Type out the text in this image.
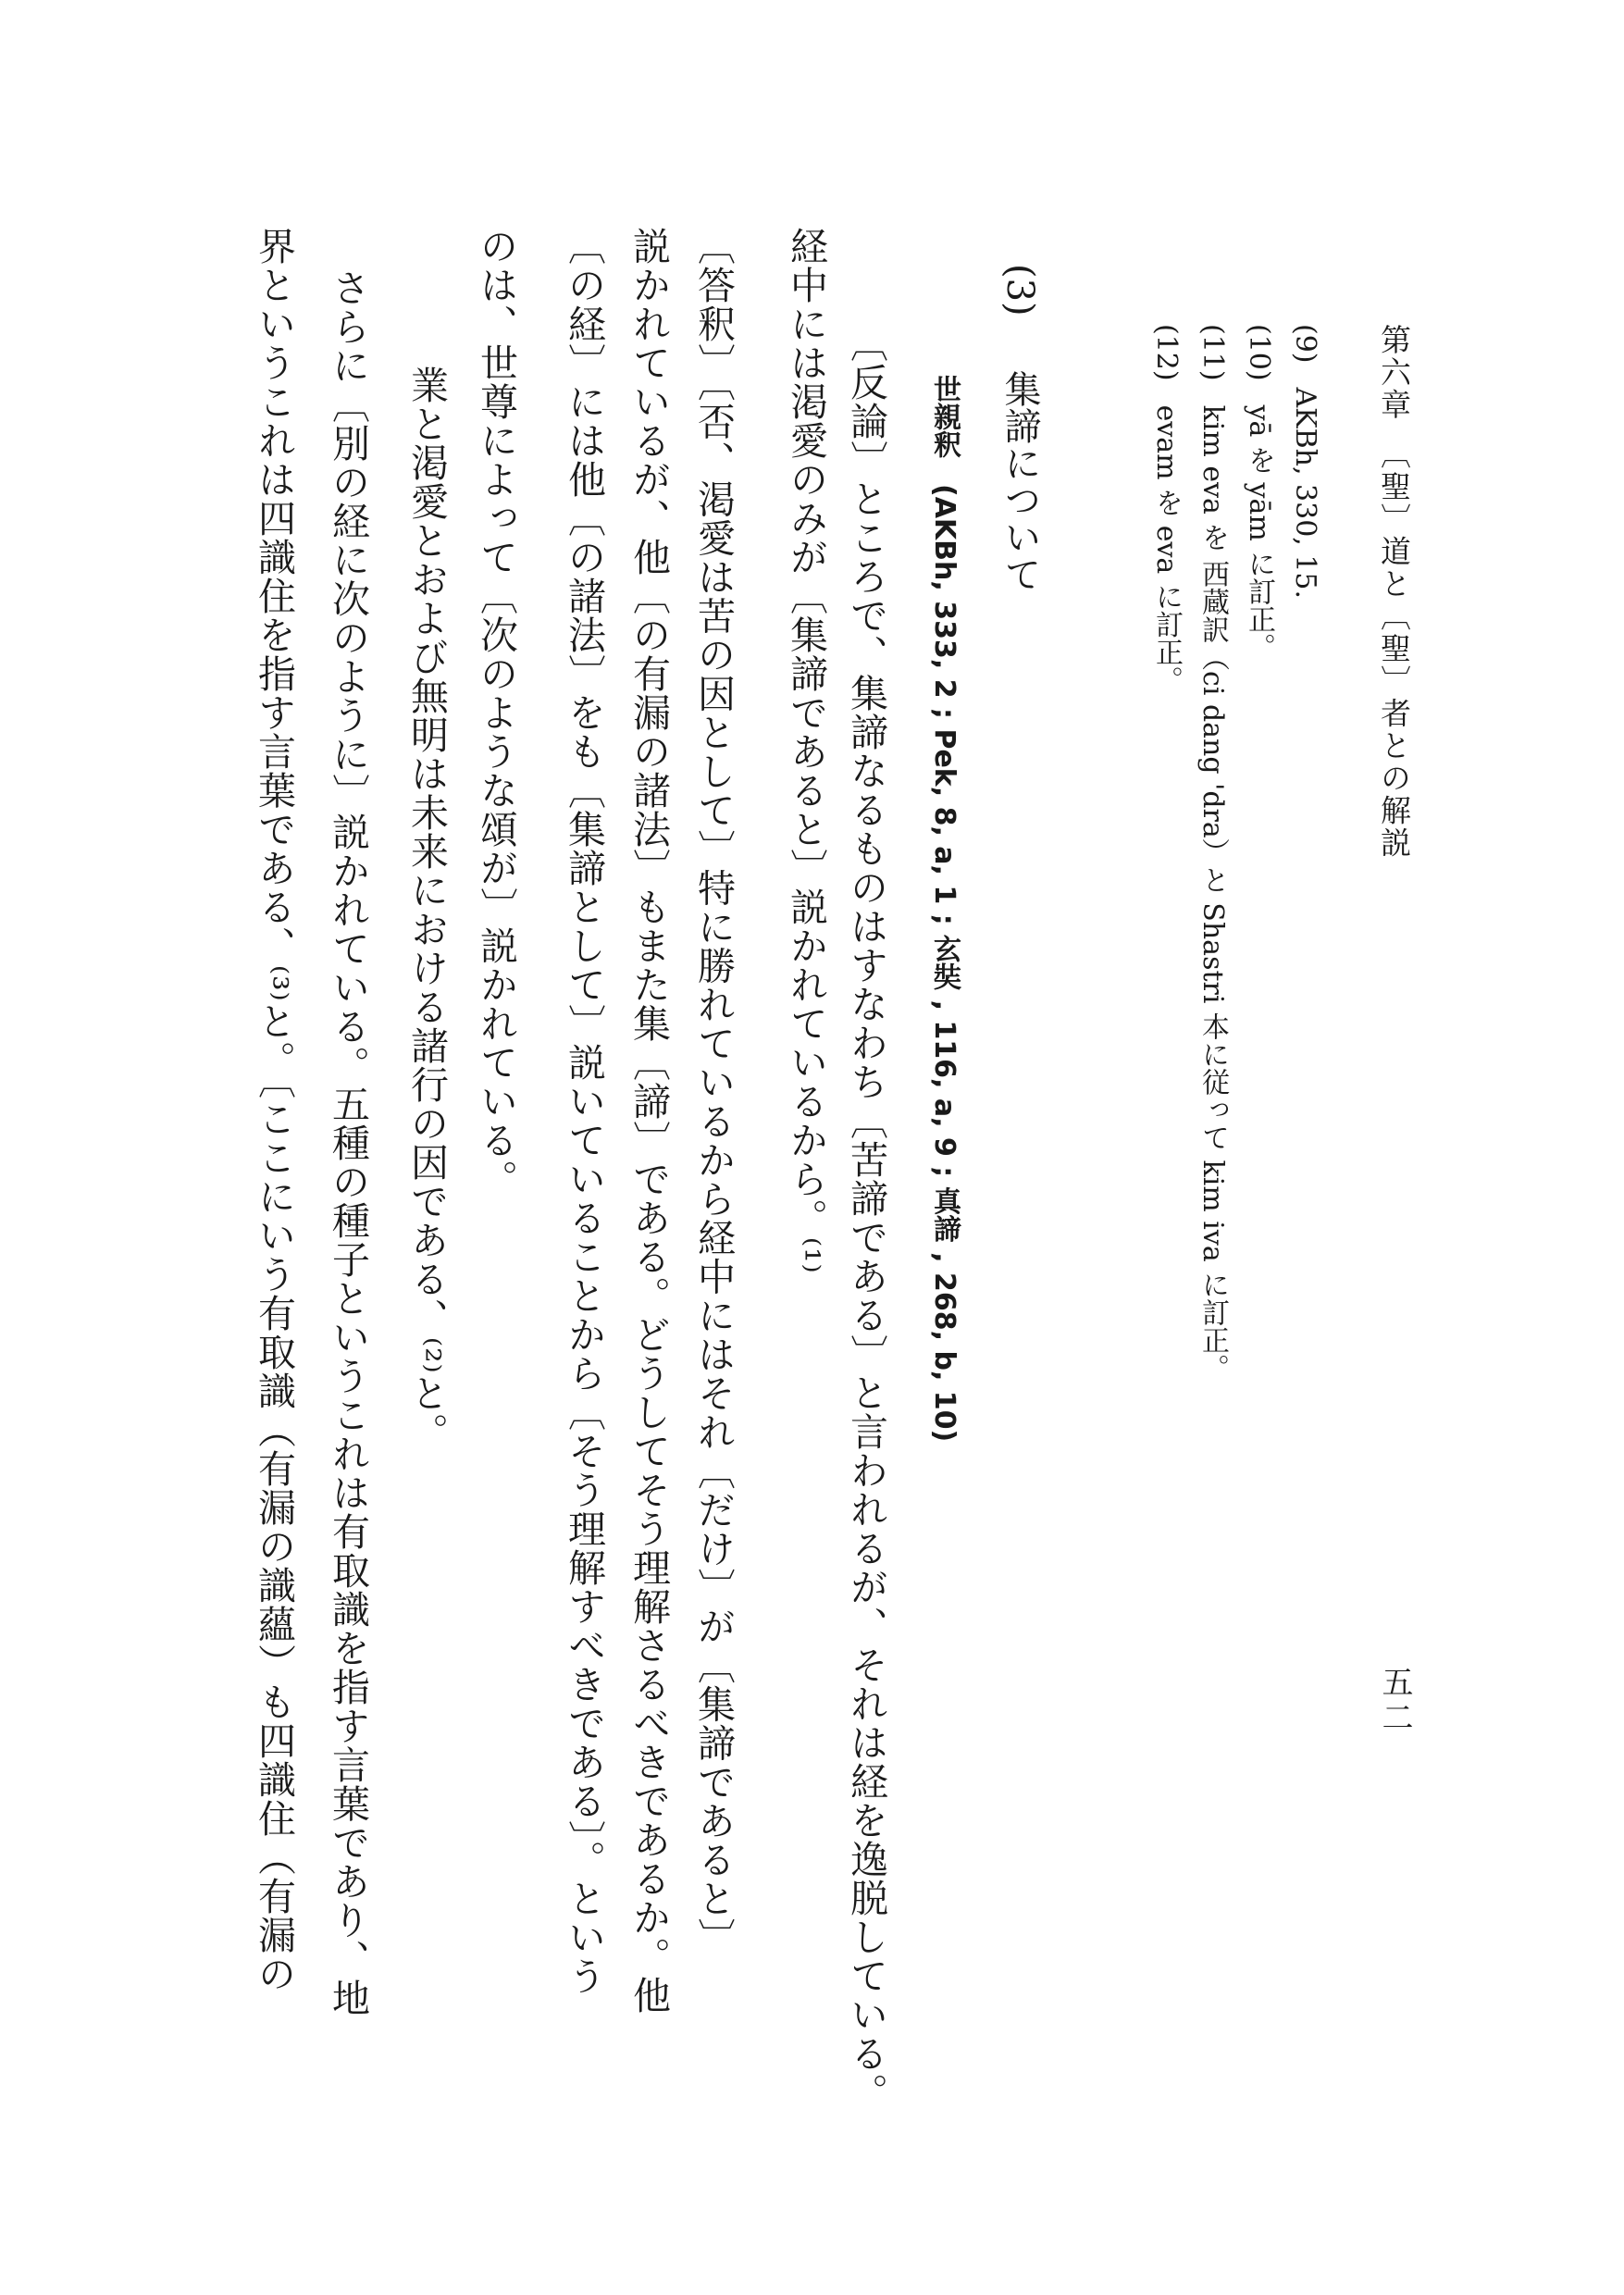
第六章　〔聖〕道と〔聖〕者との解説
五二
(9)AKBh, 330, 15.
(10)yā を yām に訂正。
(11)kim eva を 西蔵訳（ci dang 'dra）と Shastri 本に従って kim iva に訂正。
(12)evam を eva に訂正。
(3)集諦について
世親釈(AKBh, 333, 2 ; Pek, 8, a, 1 ; 玄奘 , 116, a, 9 ; 真諦 , 268, b, 10)
〔反論〕ところで、集諦なるものはすなわち〔苦諦である〕と言われるが、それは経を逸脱している。
経中には渇愛のみが〔集諦であると〕説かれているから。⁽¹⁾
〔答釈〕〔否、渇愛は苦の因として〕特に勝れているから経中にはそれ〔だけ〕が〔集諦であると〕
説かれているが、他〔の有漏の諸法〕もまた集〔諦〕である。どうしてそう理解さるべきであるか。他
〔の経〕には他〔の諸法〕をも〔集諦として〕説いていることから〔そう理解すべきである〕。という
のは、世尊によって〔次のような頌が〕説かれている。
業と渇愛とおよび無明は未来における諸行の因である、⁽²⁾と。
さらに〔別の経に次のように〕説かれている。五種の種子というこれは有取識を指す言葉であり、地
界というこれは四識住を指す言葉である、⁽³⁾と。〔ここにいう有取識（有漏の識蘊）も四識住（有漏の
